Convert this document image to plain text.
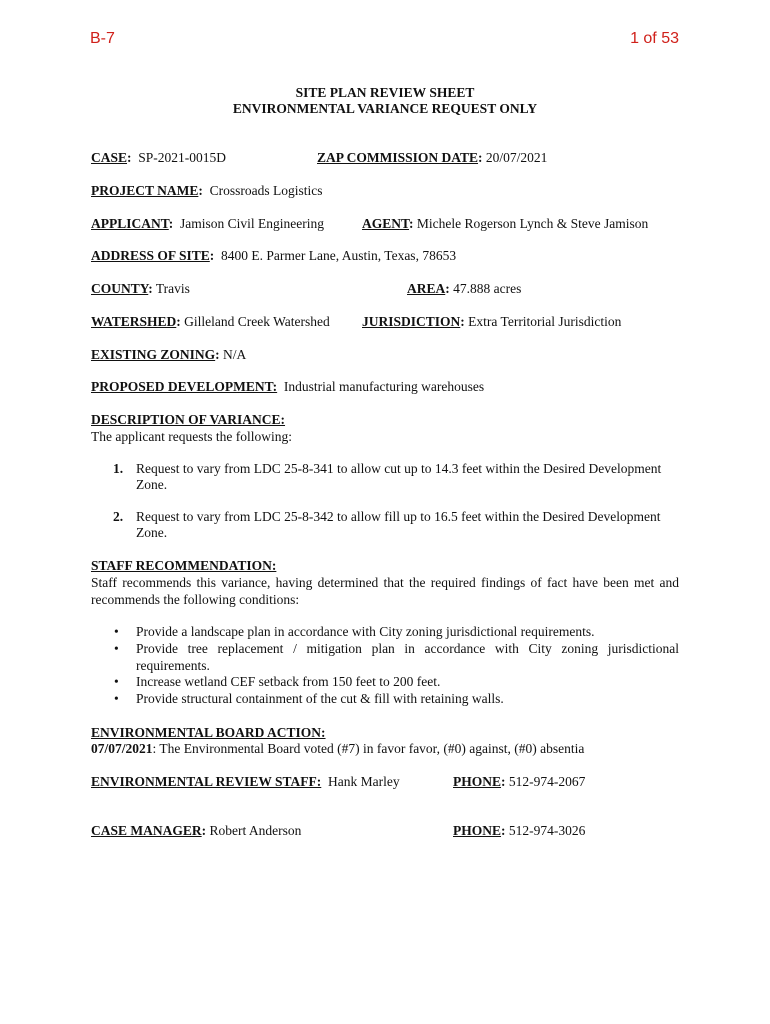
B-7	1 of 53
SITE PLAN REVIEW SHEET
ENVIRONMENTAL VARIANCE REQUEST ONLY
CASE: SP-2021-0015D	ZAP COMMISSION DATE: 20/07/2021
PROJECT NAME: Crossroads Logistics
APPLICANT: Jamison Civil Engineering	AGENT: Michele Rogerson Lynch & Steve Jamison
ADDRESS OF SITE: 8400 E. Parmer Lane, Austin, Texas, 78653
COUNTY: Travis	AREA: 47.888 acres
WATERSHED: Gilleland Creek Watershed JURISDICTION: Extra Territorial Jurisdiction
EXISTING ZONING: N/A
PROPOSED DEVELOPMENT: Industrial manufacturing warehouses
DESCRIPTION OF VARIANCE:
The applicant requests the following:
1. Request to vary from LDC 25-8-341 to allow cut up to 14.3 feet within the Desired Development Zone.
2. Request to vary from LDC 25-8-342 to allow fill up to 16.5 feet within the Desired Development Zone.
STAFF RECOMMENDATION:
Staff recommends this variance, having determined that the required findings of fact have been met and recommends the following conditions:
• Provide a landscape plan in accordance with City zoning jurisdictional requirements.
• Provide tree replacement / mitigation plan in accordance with City zoning jurisdictional requirements.
• Increase wetland CEF setback from 150 feet to 200 feet.
• Provide structural containment of the cut & fill with retaining walls.
ENVIRONMENTAL BOARD ACTION:
07/07/2021: The Environmental Board voted (#7) in favor favor, (#0) against, (#0) absentia
ENVIRONMENTAL REVIEW STAFF: Hank Marley	PHONE: 512-974-2067
CASE MANAGER: Robert Anderson	PHONE: 512-974-3026
